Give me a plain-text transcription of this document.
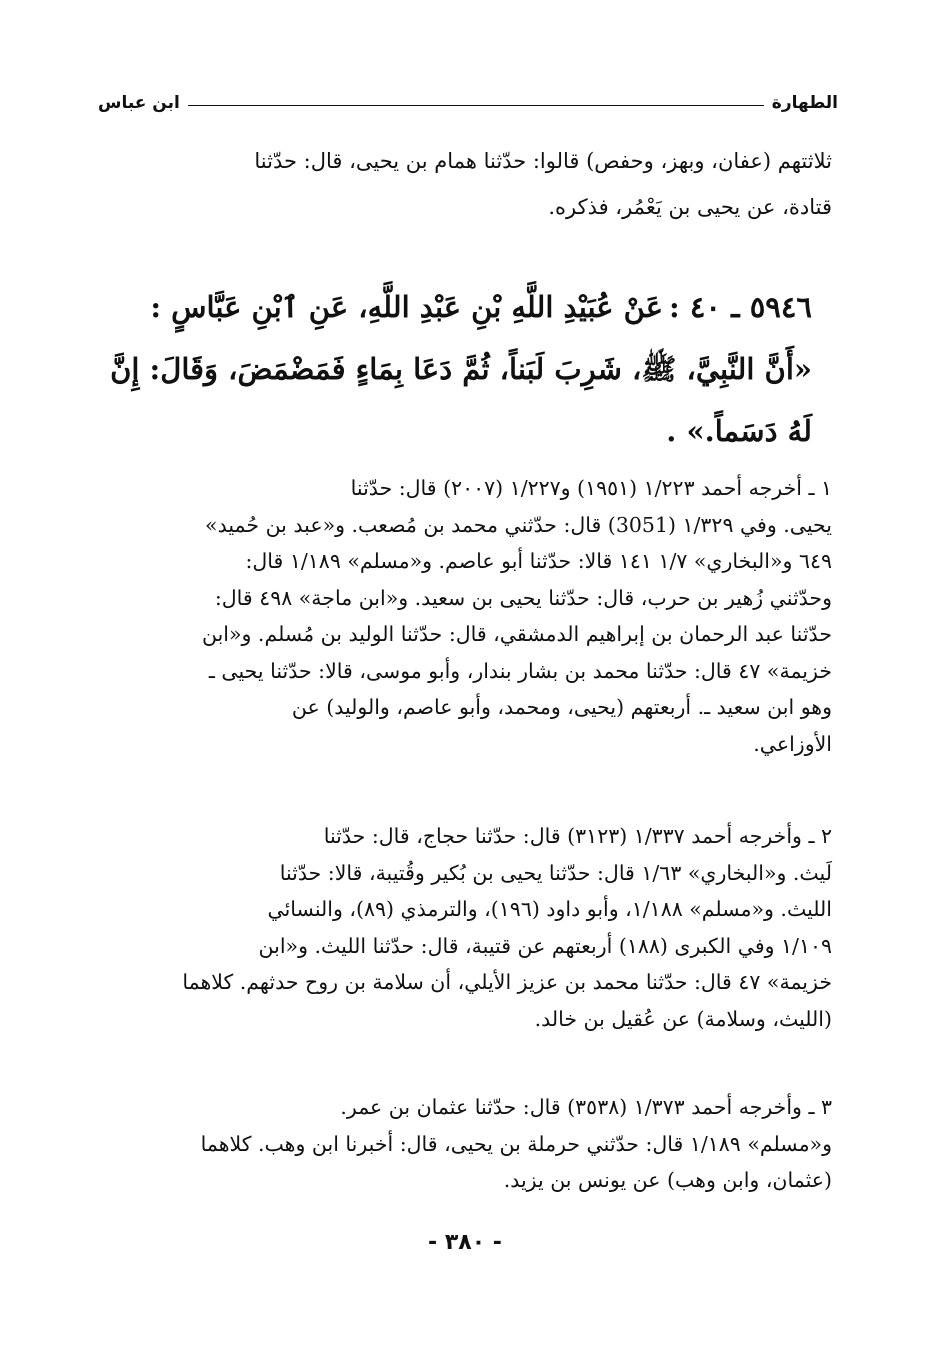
الطهارة
ابن عباس
ثلاثتهم (عفان، وبهز، وحفص) قالوا: حدّثنا همام بن يحيى، قال: حدّثنا
قتادة، عن يحيى بن يَعْمُر، فذكره.
٥٩٤٦ ـ ٤٠ :عَنْ عُبَيْدِ اللَّهِ بْنِ عَبْدِ اللَّهِ، عَنِ ٱبْنِ عَبَّاسٍ :
«أَنَّ النَّبِيَّ، ﷺ، شَرِبَ لَبَناً، ثُمَّ دَعَا بِمَاءٍ فَمَضْمَضَ، وَقَالَ: إِنَّ
لَهُ دَسَماً.» .
١ ـ أخرجه أحمد ١/٢٢٣ (١٩٥١) و١/٢٢٧ (٢٠٠٧) قال: حدّثنا
يحيى. وفي ١/٣٢٩ (3051) قال: حدّثني محمد بن مُصعب. و«عبد بن حُميد»
٦٤٩ و«البخاري» ١/٧ ١٤١ قالا: حدّثنا أبو عاصم. و«مسلم» ١/١٨٩ قال:
وحدّثني زُهير بن حرب، قال: حدّثنا يحيى بن سعيد. و«ابن ماجة» ٤٩٨ قال:
حدّثنا عبد الرحمان بن إبراهيم الدمشقي، قال: حدّثنا الوليد بن مُسلم. و«ابن
خزيمة» ٤٧ قال: حدّثنا محمد بن بشار بندار، وأبو موسى، قالا: حدّثنا يحيى ـ
وهو ابن سعيد ـ. أربعتهم (يحيى، ومحمد، وأبو عاصم، والوليد) عن
الأوزاعي.
٢ ـ وأخرجه أحمد ١/٣٣٧ (٣١٢٣) قال: حدّثنا حجاج، قال: حدّثنا
لَيث. و«البخاري» ١/٦٣ قال: حدّثنا يحيى بن بُكير وقُتيبة، قالا: حدّثنا
الليث. و«مسلم» ١/١٨٨، وأبو داود (١٩٦)، والترمذي (٨٩)، والنسائي
١/١٠٩ وفي الكبرى (١٨٨) أربعتهم عن قتيبة، قال: حدّثنا الليث. و«ابن
خزيمة» ٤٧ قال: حدّثنا محمد بن عزيز الأيلي، أن سلامة بن روح حدثهم. كلاهما
(الليث، وسلامة) عن عُقيل بن خالد.
٣ ـ وأخرجه أحمد ١/٣٧٣ (٣٥٣٨) قال: حدّثنا عثمان بن عمر.
و«مسلم» ١/١٨٩ قال: حدّثني حرملة بن يحيى، قال: أخبرنا ابن وهب. كلاهما
(عثمان، وابن وهب) عن يونس بن يزيد.
- ٣٨٠ -
